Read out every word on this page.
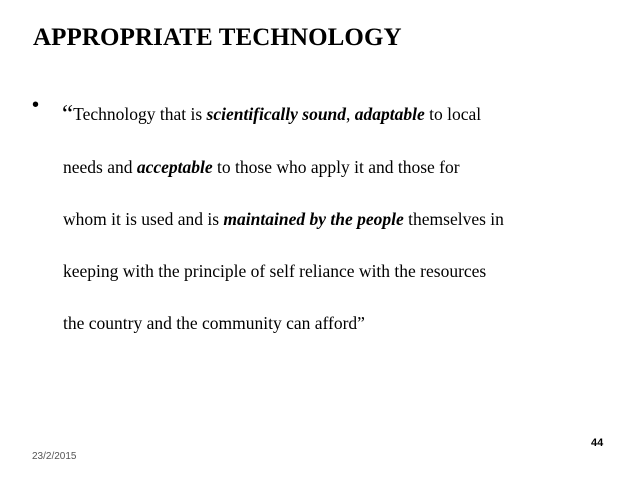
APPROPRIATE TECHNOLOGY
• “Technology that is scientifically sound, adaptable to local
needs and acceptable to those who apply it and those for
whom it is used and is maintained by the people themselves in
keeping with the principle of self reliance with the resources
the country and the community can afford”
23/2/2015
44
